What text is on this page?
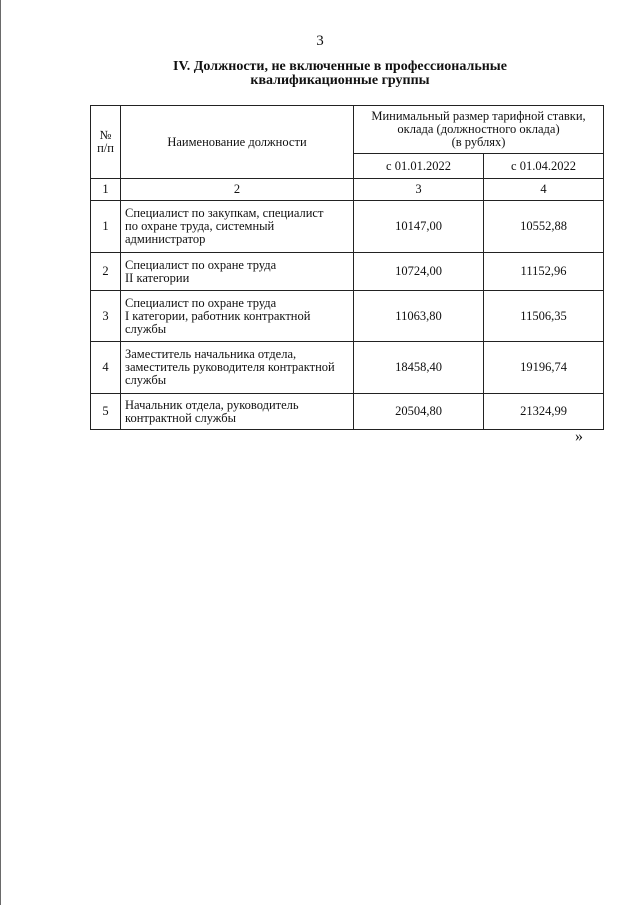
3
IV. Должности, не включенные в профессиональные
квалификационные группы
№
п/п	Наименование должности	Минимальный размер тарифной ставки,
оклада (должностного оклада)
(в рублях)	

		с 01.01.2022	с 01.04.2022
1	2	3	4
1	Специалист по закупкам, специалист
по охране труда, системный
администратор	10147,00	10552,88
2	Специалист по охране труда
II категории	10724,00	11152,96
3	Специалист по охране труда
I категории, работник контрактной
службы	11063,80	11506,35
4	Заместитель начальника отдела,
заместитель руководителя контрактной
службы	18458,40	19196,74
5	Начальник отдела, руководитель
контрактной службы	20504,80	21324,99
»
